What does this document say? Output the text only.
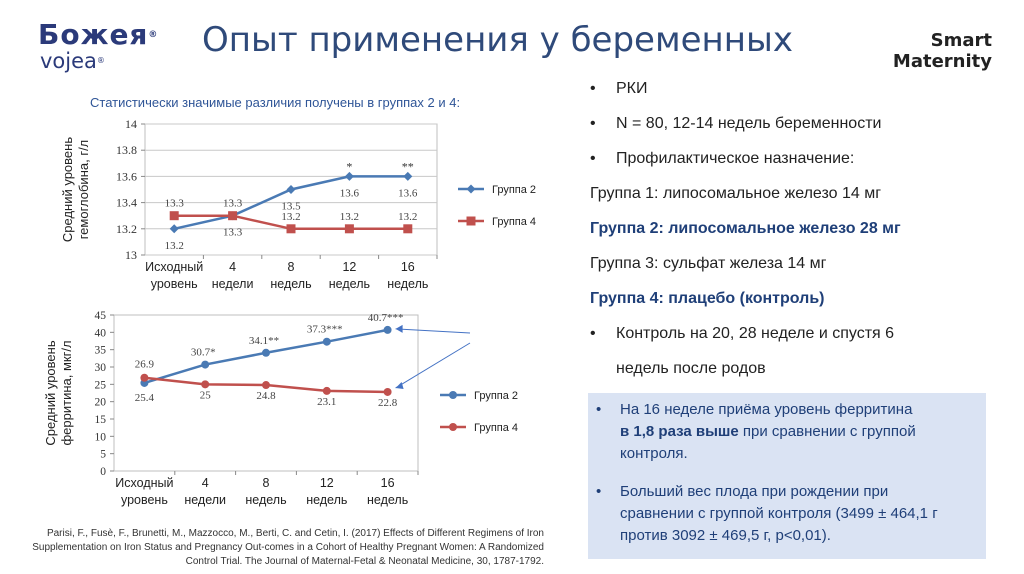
Божея®
vojea®
Опыт применения у беременных	Smart
Maternity
Статистически значимые различия получены в группах 2 и 4:
13
13.2
13.4
13.6
13.8
14
Исходный
уровень
4
недели
8
недель
12
недель
16
недель
Средний уровень гемоглобина, г/л
13.2
13.3
13.5
13.6	13.6
13.3	13.3
13.2	13.2	13.2
*	**
Группа 2
Группа 4
0
5
10
15
20
25
30
35
40
45
Исходный
уровень
4
недели
8
недель
12
недель
16
недель
Средний уровень ферритина, мкг/л	25.4
30.7*
34.1**
37.3***
40.7***
26.9
25	24.8	23.1	22.8
Группа 2
Группа 4
Parisi, F., Fusè, F., Brunetti, M., Mazzocco, M., Berti, C. and Cetin, I. (2017) Effects of Different Regimens of Iron Supplementation on Iron Status and Pregnancy Out-comes in a Cohort of Healthy Pregnant Women: A Randomized Control Trial. The Journal of Maternal-Fetal & Neonatal Medicine, 30, 1787-1792.
• РКИ
• N = 80, 12-14 недель беременности
• Профилактическое назначение:
Группа 1: липосомальное железо 14 мг
Группа 2: липосомальное железо 28 мг
Группа 3: сульфат железа 14 мг
Группа 4: плацебо (контроль)
• Контроль на 20, 28 неделе и спустя 6
недель после родов
• На 16 неделе приёма уровень ферритина
в 1,8 раза выше при сравнении с группой контроля.
• Больший вес плода при рождении при сравнении с группой контроля (3499 ± 464,1 г против 3092 ± 469,5 г, p<0,01).
